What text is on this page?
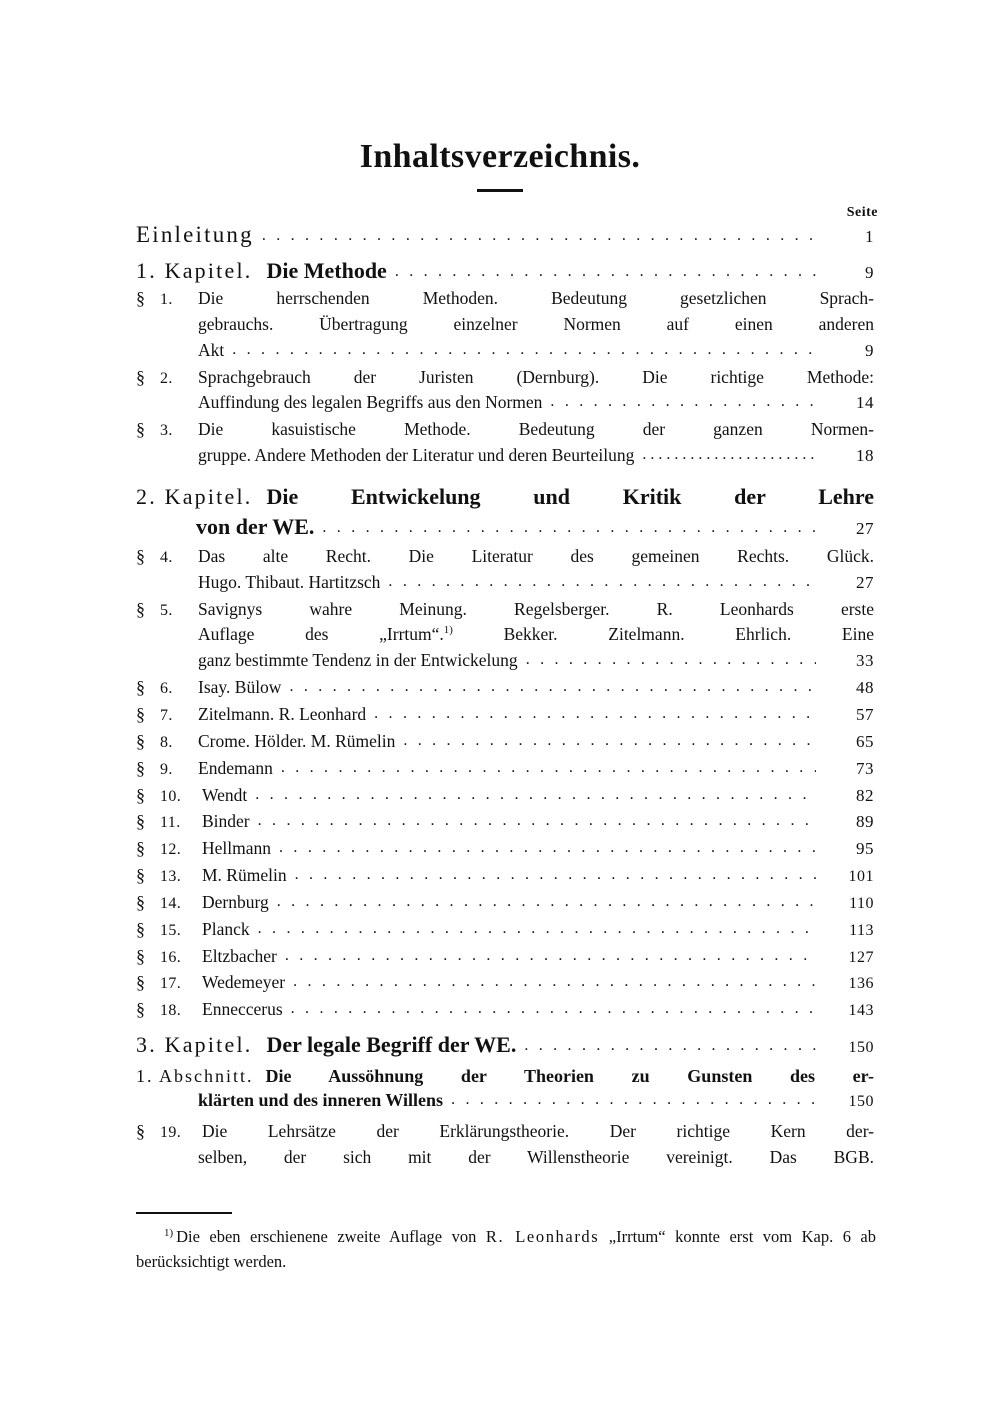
Inhaltsverzeichnis.
Seite
Einleitung . . .	1
1. Kapitel. Die Methode . . .	9
§ 1.	Die herrschenden Methoden. Bedeutung gesetzlichen Sprach-
gebrauchs. Übertragung einzelner Normen auf einen anderen
Akt . . .	9
§ 2.	Sprachgebrauch der Juristen (Dernburg). Die richtige Methode:
Auffindung des legalen Begriffs aus den Normen . . .	14
§ 3.	Die kasuistische Methode. Bedeutung der ganzen Normen-
gruppe. Andere Methoden der Literatur und deren Beurteilung . . .	18
2. Kapitel. Die Entwickelung und Kritik der Lehre
von der WE. . . .	27
§ 4.	Das alte Recht. Die Literatur des gemeinen Rechts. Glück.
Hugo. Thibaut. Hartitzsch . . .	27
§ 5.	Savignys wahre Meinung. Regelsberger. R. Leonhards erste
Auflage des „Irrtum“.$^{1)}$ Bekker. Zitelmann. Ehrlich. Eine
ganz bestimmte Tendenz in der Entwickelung . . .	33
§ 6.	Isay. Bülow . . .	48
§ 7.	Zitelmann. R. Leonhard . . .	57
§ 8.	Crome. Hölder. M. Rümelin . . .	65
§ 9.	Endemann . . .	73
§ 10.	Wendt . . .	82
§ 11.	Binder . . .	89
§ 12.	Hellmann . . .	95
§ 13.	M. Rümelin . . .	101
§ 14.	Dernburg . . .	110
§ 15.	Planck . . .	113
§ 16.	Eltzbacher . . .	127
§ 17.	Wedemeyer . . .	136
§ 18.	Enneccerus . . .	143
3. Kapitel. Der legale Begriff der WE. . . .	150
1. Abschnitt. Die Aussöhnung der Theorien zu Gunsten des er-
klärten und des inneren Willens . . .	150
§ 19.	Die Lehrsätze der Erklärungstheorie. Der richtige Kern der-
selben, der sich mit der Willenstheorie vereinigt. Das BGB.
$^{1)}$ Die eben erschienene zweite Auflage von R. Leonhards „Irrtum“ konnte erst vom Kap. 6 ab berücksichtigt werden.
